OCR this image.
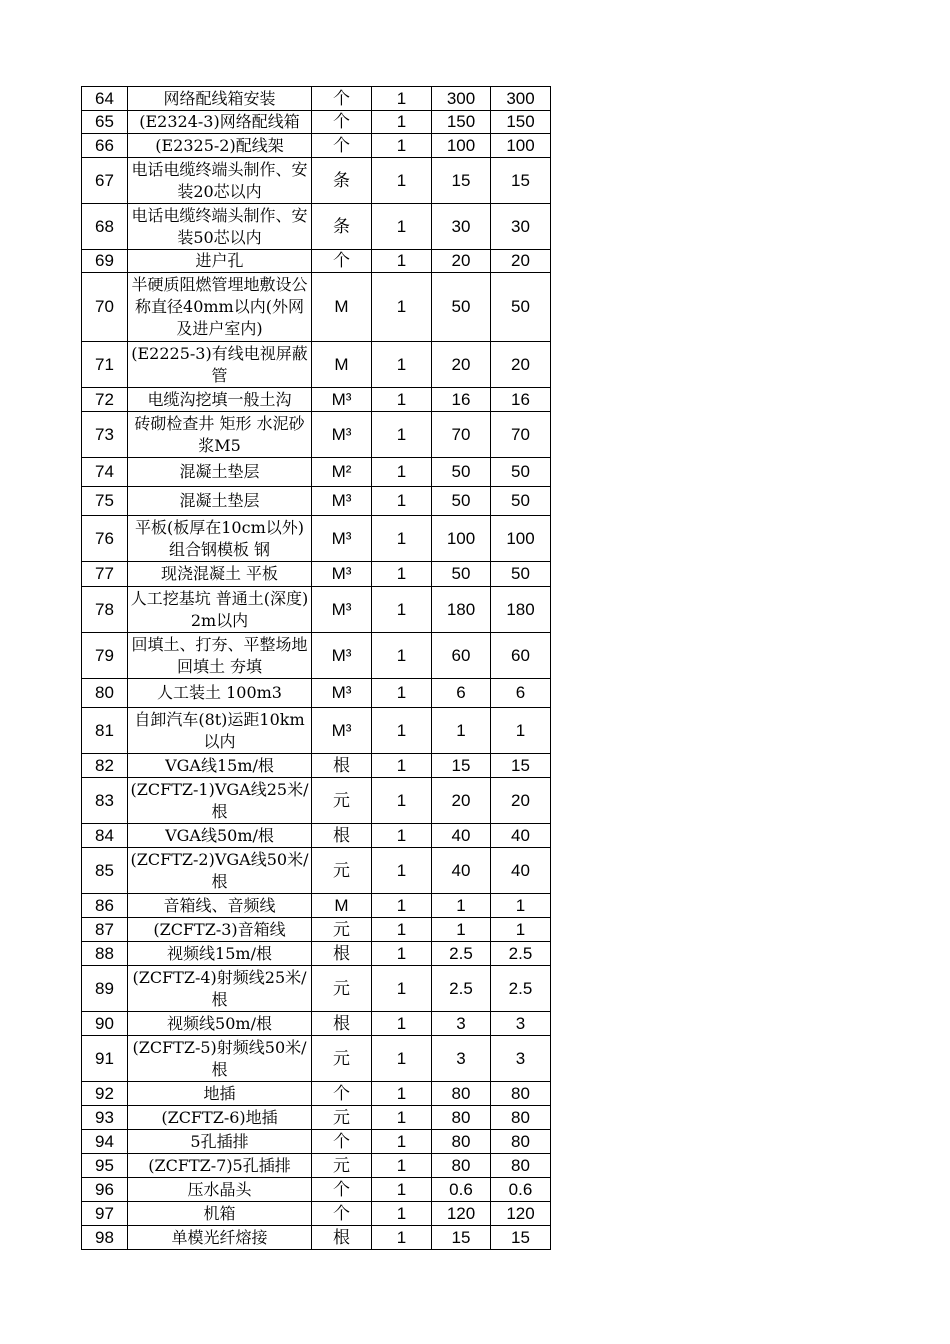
64	网络配线箱安装	个	1	300	300
65	(E2324-3)网络配线箱	个	1	150	150
66	(E2325-2)配线架	个	1	100	100
67	电话电缆终端头制作、安装20芯以内	条	1	15	15
68	电话电缆终端头制作、安装50芯以内	条	1	30	30
69	进户孔	个	1	20	20
70	半硬质阻燃管埋地敷设公称直径40mm以内(外网及进户室内)	M	1	50	50
71	(E2225-3)有线电视屏蔽管	M	1	20	20
72	电缆沟挖填一般土沟	M³	1	16	16
73	砖砌检查井 矩形 水泥砂浆M5	M³	1	70	70
74	混凝土垫层	M²	1	50	50
75	混凝土垫层	M³	1	50	50
76	平板(板厚在10cm以外) 组合钢模板 钢	M³	1	100	100
77	现浇混凝土 平板	M³	1	50	50
78	人工挖基坑 普通土(深度) 2m以内	M³	1	180	180
79	回填土、打夯、平整场地 回填土 夯填	M³	1	60	60
80	人工装土 100m3	M³	1	6	6
81	自卸汽车(8t)运距10km以内	M³	1	1	1
82	VGA线15m/根	根	1	15	15
83	(ZCFTZ-1)VGA线25米/根	元	1	20	20
84	VGA线50m/根	根	1	40	40
85	(ZCFTZ-2)VGA线50米/根	元	1	40	40
86	音箱线、音频线	M	1	1	1
87	(ZCFTZ-3)音箱线	元	1	1	1
88	视频线15m/根	根	1	2.5	2.5
89	(ZCFTZ-4)射频线25米/根	元	1	2.5	2.5
90	视频线50m/根	根	1	3	3
91	(ZCFTZ-5)射频线50米/根	元	1	3	3
92	地插	个	1	80	80
93	(ZCFTZ-6)地插	元	1	80	80
94	5孔插排	个	1	80	80
95	(ZCFTZ-7)5孔插排	元	1	80	80
96	压水晶头	个	1	0.6	0.6
97	机箱	个	1	120	120
98	单模光纤熔接	根	1	15	15
